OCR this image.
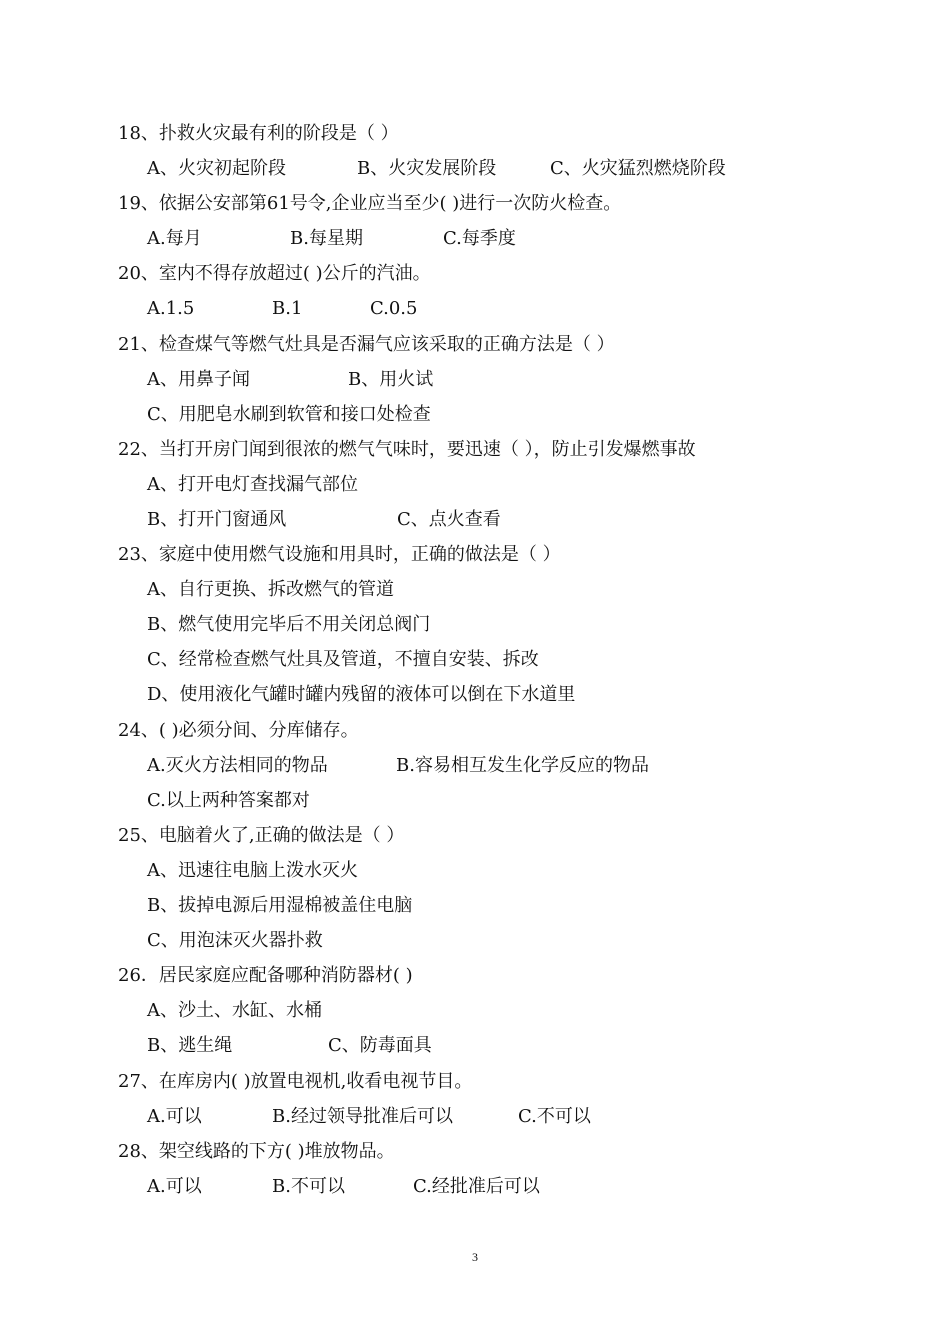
18、扑救火灾最有利的阶段是（ ）
A、火灾初起阶段	B、火灾发展阶段	C、火灾猛烈燃烧阶段
19、依据公安部第61号令,企业应当至少( )进行一次防火检查。
A.每月	B.每星期	C.每季度
20、室内不得存放超过( )公斤的汽油。
A.1.5	B.1	C.0.5
21、检查煤气等燃气灶具是否漏气应该采取的正确方法是（ ）
A、用鼻子闻	B、用火试
C、用肥皂水刷到软管和接口处检查
22、当打开房门闻到很浓的燃气气味时，要迅速（ ），防止引发爆燃事故
A、打开电灯查找漏气部位
B、打开门窗通风	C、点火查看
23、家庭中使用燃气设施和用具时，正确的做法是（ ）
A、自行更换、拆改燃气的管道
B、燃气使用完毕后不用关闭总阀门
C、经常检查燃气灶具及管道，不擅自安装、拆改
D、使用液化气罐时罐内残留的液体可以倒在下水道里
24、( )必须分间、分库储存。
A.灭火方法相同的物品	B.容易相互发生化学反应的物品
C.以上两种答案都对
25、电脑着火了,正确的做法是（ ）
A、迅速往电脑上泼水灭火
B、拔掉电源后用湿棉被盖住电脑
C、用泡沫灭火器扑救
26．居民家庭应配备哪种消防器材( )
A、沙土、水缸、水桶
B、逃生绳	C、防毒面具
27、在库房内( )放置电视机,收看电视节目。
A.可以	B.经过领导批准后可以	C.不可以
28、架空线路的下方( )堆放物品。
A.可以	B.不可以	C.经批准后可以
3
